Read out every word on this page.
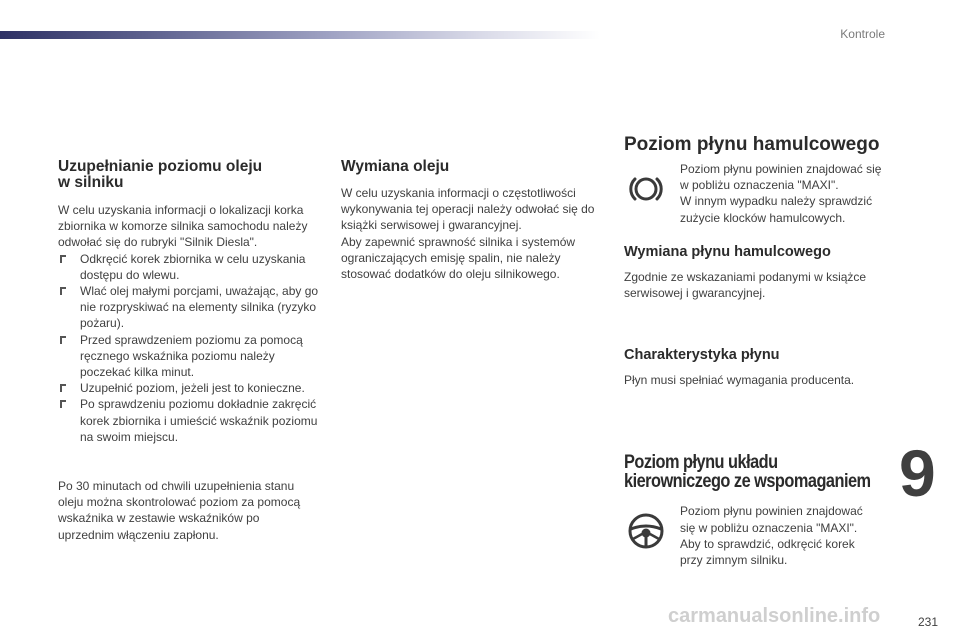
Kontrole
Uzupełnianie poziomu oleju
w silniku

W celu uzyskania informacji o lokalizacji korka zbiornika w komorze silnika samochodu należy odwołać się do rubryki "Silnik Diesla".

Odkręcić korek zbiornika w celu uzyskania dostępu do wlewu.
Wlać olej małymi porcjami, uważając, aby go nie rozpryskiwać na elementy silnika (ryzyko pożaru).
Przed sprawdzeniem poziomu za pomocą ręcznego wskaźnika poziomu należy poczekać kilka minut.
Uzupełnić poziom, jeżeli jest to konieczne.
Po sprawdzeniu poziomu dokładnie zakręcić korek zbiornika i umieścić wskaźnik poziomu na swoim miejscu.

Po 30 minutach od chwili uzupełnienia stanu oleju można skontrolować poziom za pomocą wskaźnika w zestawie wskaźników po uprzednim włączeniu zapłonu.

Wymiana oleju

W celu uzyskania informacji o częstotliwości wykonywania tej operacji należy odwołać się do książki serwisowej i gwarancyjnej.

Aby zapewnić sprawność silnika i systemów ograniczających emisję spalin, nie należy stosować dodatków do oleju silnikowego.

Poziom płynu hamulcowego

Poziom płynu powinien znajdować się w pobliżu oznaczenia "MAXI".

W innym wypadku należy sprawdzić zużycie klocków hamulcowych.

Wymiana płynu hamulcowego

Zgodnie ze wskazaniami podanymi w książce serwisowej i gwarancyjnej.

Charakterystyka płynu

Płyn musi spełniać wymagania producenta.

Poziom płynu układu
kierowniczego ze wspomaganiem

Poziom płynu powinien znajdować się w pobliżu oznaczenia "MAXI".

Aby to sprawdzić, odkręcić korek przy zimnym silniku.

9
carmanualsonline.info	231
